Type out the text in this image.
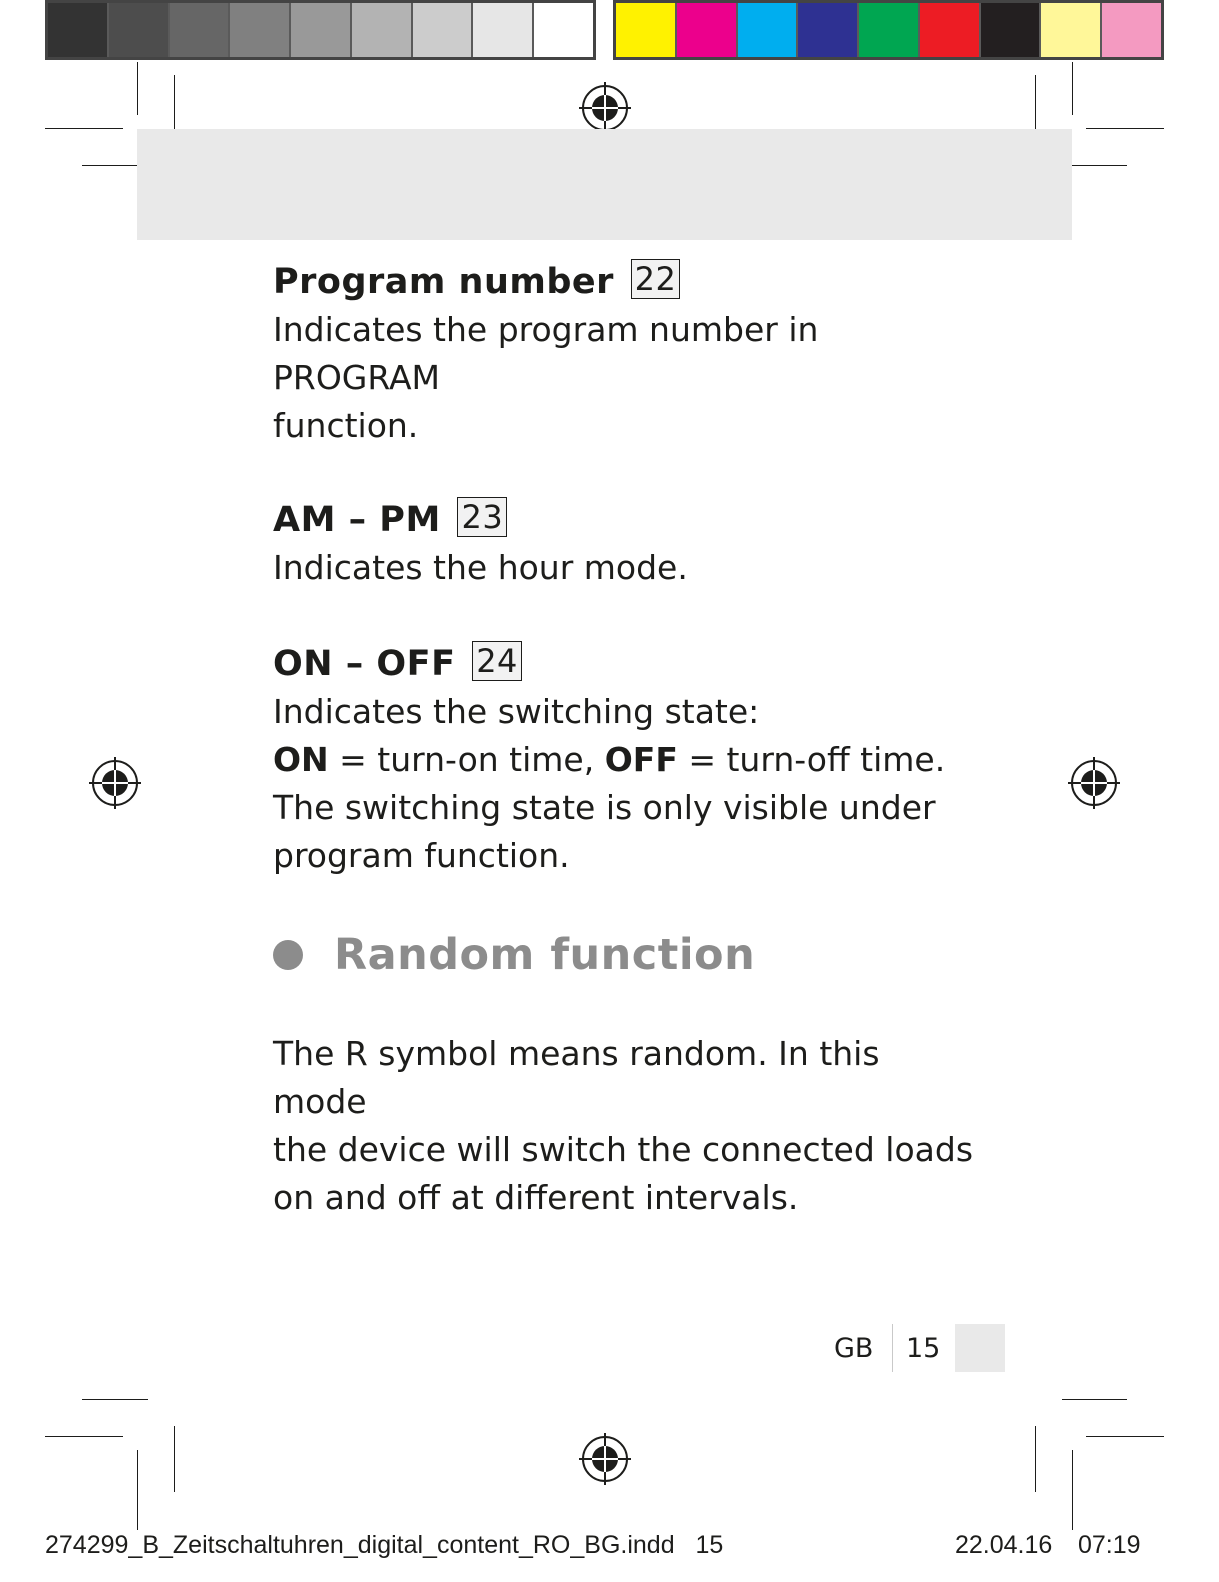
Program number 22

Indicates the program number in PROGRAM

function.

AM – PM 23

Indicates the hour mode.

ON – OFF 24

Indicates the switching state:

ON = turn-on time, OFF = turn-off time.

The switching state is only visible under

program function.

Random function

The R symbol means random. In this mode

the device will switch the connected loads

on and off at different intervals.

GB 15
274299_B_Zeitschaltuhren_digital_content_RO_BG.indd   15	22.04.16 07:19
